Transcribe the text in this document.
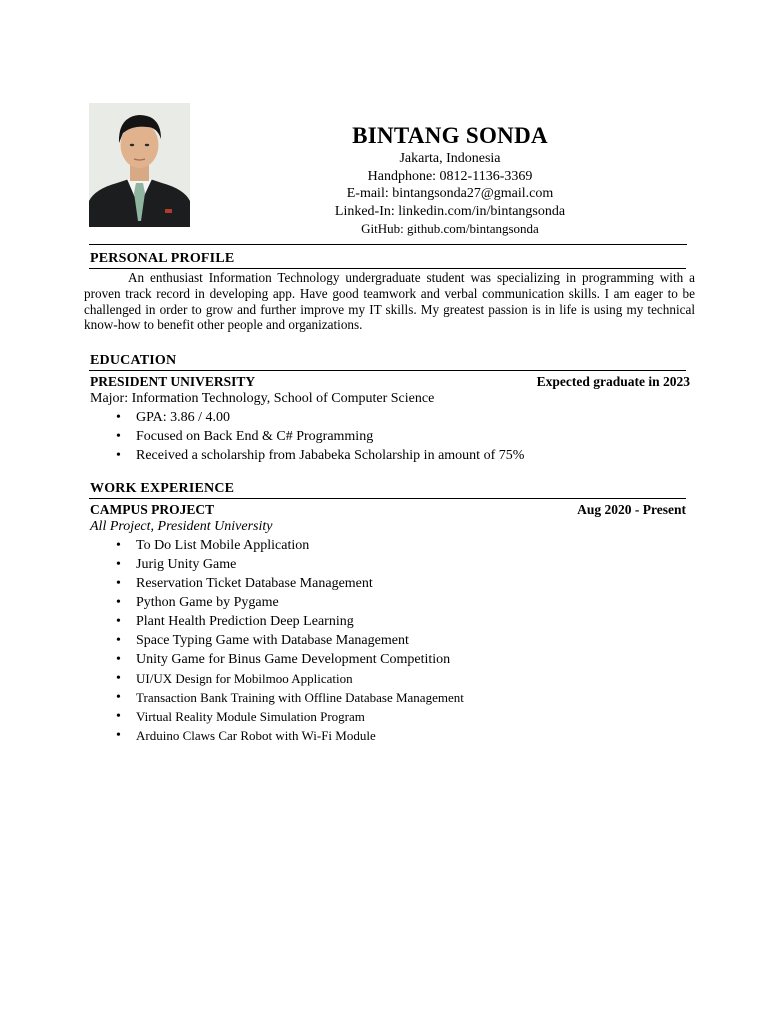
BINTANG SONDA
Jakarta, Indonesia
Handphone: 0812-1136-3369
E-mail: bintangsonda27@gmail.com
Linked-In: linkedin.com/in/bintangsonda
GitHub: github.com/bintangsonda
PERSONAL PROFILE
An enthusiast Information Technology undergraduate student was specializing in programming with a proven track record in developing app. Have good teamwork and verbal communication skills. I am eager to be challenged in order to grow and further improve my IT skills. My greatest passion is in life is using my technical know-how to benefit other people and organizations.
EDUCATION
PRESIDENT UNIVERSITY	Expected graduate in 2023
Major: Information Technology, School of Computer Science
• GPA: 3.86 / 4.00
• Focused on Back End & C# Programming
• Received a scholarship from Jababeka Scholarship in amount of 75%
WORK EXPERIENCE
CAMPUS PROJECT	Aug 2020 - Present
All Project, President University
• To Do List Mobile Application
• Jurig Unity Game
• Reservation Ticket Database Management
• Python Game by Pygame
• Plant Health Prediction Deep Learning
• Space Typing Game with Database Management
• Unity Game for Binus Game Development Competition
• UI/UX Design for Mobilmoo Application
• Transaction Bank Training with Offline Database Management
• Virtual Reality Module Simulation Program
• Arduino Claws Car Robot with Wi-Fi Module
